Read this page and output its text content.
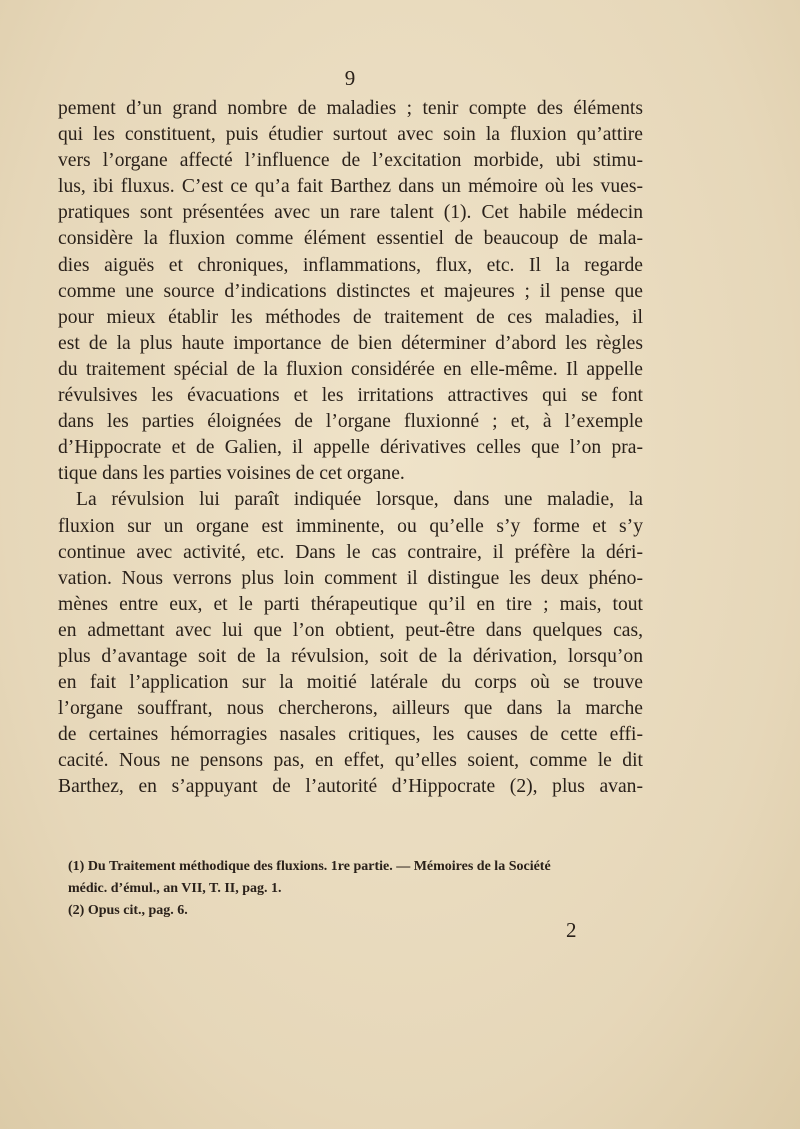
9
pement d’un grand nombre de maladies ; tenir compte des éléments
qui les constituent, puis étudier surtout avec soin la fluxion qu’attire
vers l’organe affecté l’influence de l’excitation morbide, ubi stimu-
lus, ibi fluxus. C’est ce qu’a fait Barthez dans un mémoire où les vues-
pratiques sont présentées avec un rare talent (1). Cet habile médecin
considère la fluxion comme élément essentiel de beaucoup de mala-
dies aiguës et chroniques, inflammations, flux, etc. Il la regarde
comme une source d’indications distinctes et majeures ; il pense que
pour mieux établir les méthodes de traitement de ces maladies, il
est de la plus haute importance de bien déterminer d’abord les règles
du traitement spécial de la fluxion considérée en elle-même. Il appelle
révulsives les évacuations et les irritations attractives qui se font
dans les parties éloignées de l’organe fluxionné ; et, à l’exemple
d’Hippocrate et de Galien, il appelle dérivatives celles que l’on pra-
tique dans les parties voisines de cet organe.
La révulsion lui paraît indiquée lorsque, dans une maladie, la
fluxion sur un organe est imminente, ou qu’elle s’y forme et s’y
continue avec activité, etc. Dans le cas contraire, il préfère la déri-
vation. Nous verrons plus loin comment il distingue les deux phéno-
mènes entre eux, et le parti thérapeutique qu’il en tire ; mais, tout
en admettant avec lui que l’on obtient, peut-être dans quelques cas,
plus d’avantage soit de la révulsion, soit de la dérivation, lorsqu’on
en fait l’application sur la moitié latérale du corps où se trouve
l’organe souffrant, nous chercherons, ailleurs que dans la marche
de certaines hémorragies nasales critiques, les causes de cette effi-
cacité. Nous ne pensons pas, en effet, qu’elles soient, comme le dit
Barthez, en s’appuyant de l’autorité d’Hippocrate (2), plus avan-
(1) Du Traitement méthodique des fluxions. 1re partie. — Mémoires de la Société
médic. d’émul., an VII, T. II, pag. 1.
(2) Opus cit., pag. 6.
2
